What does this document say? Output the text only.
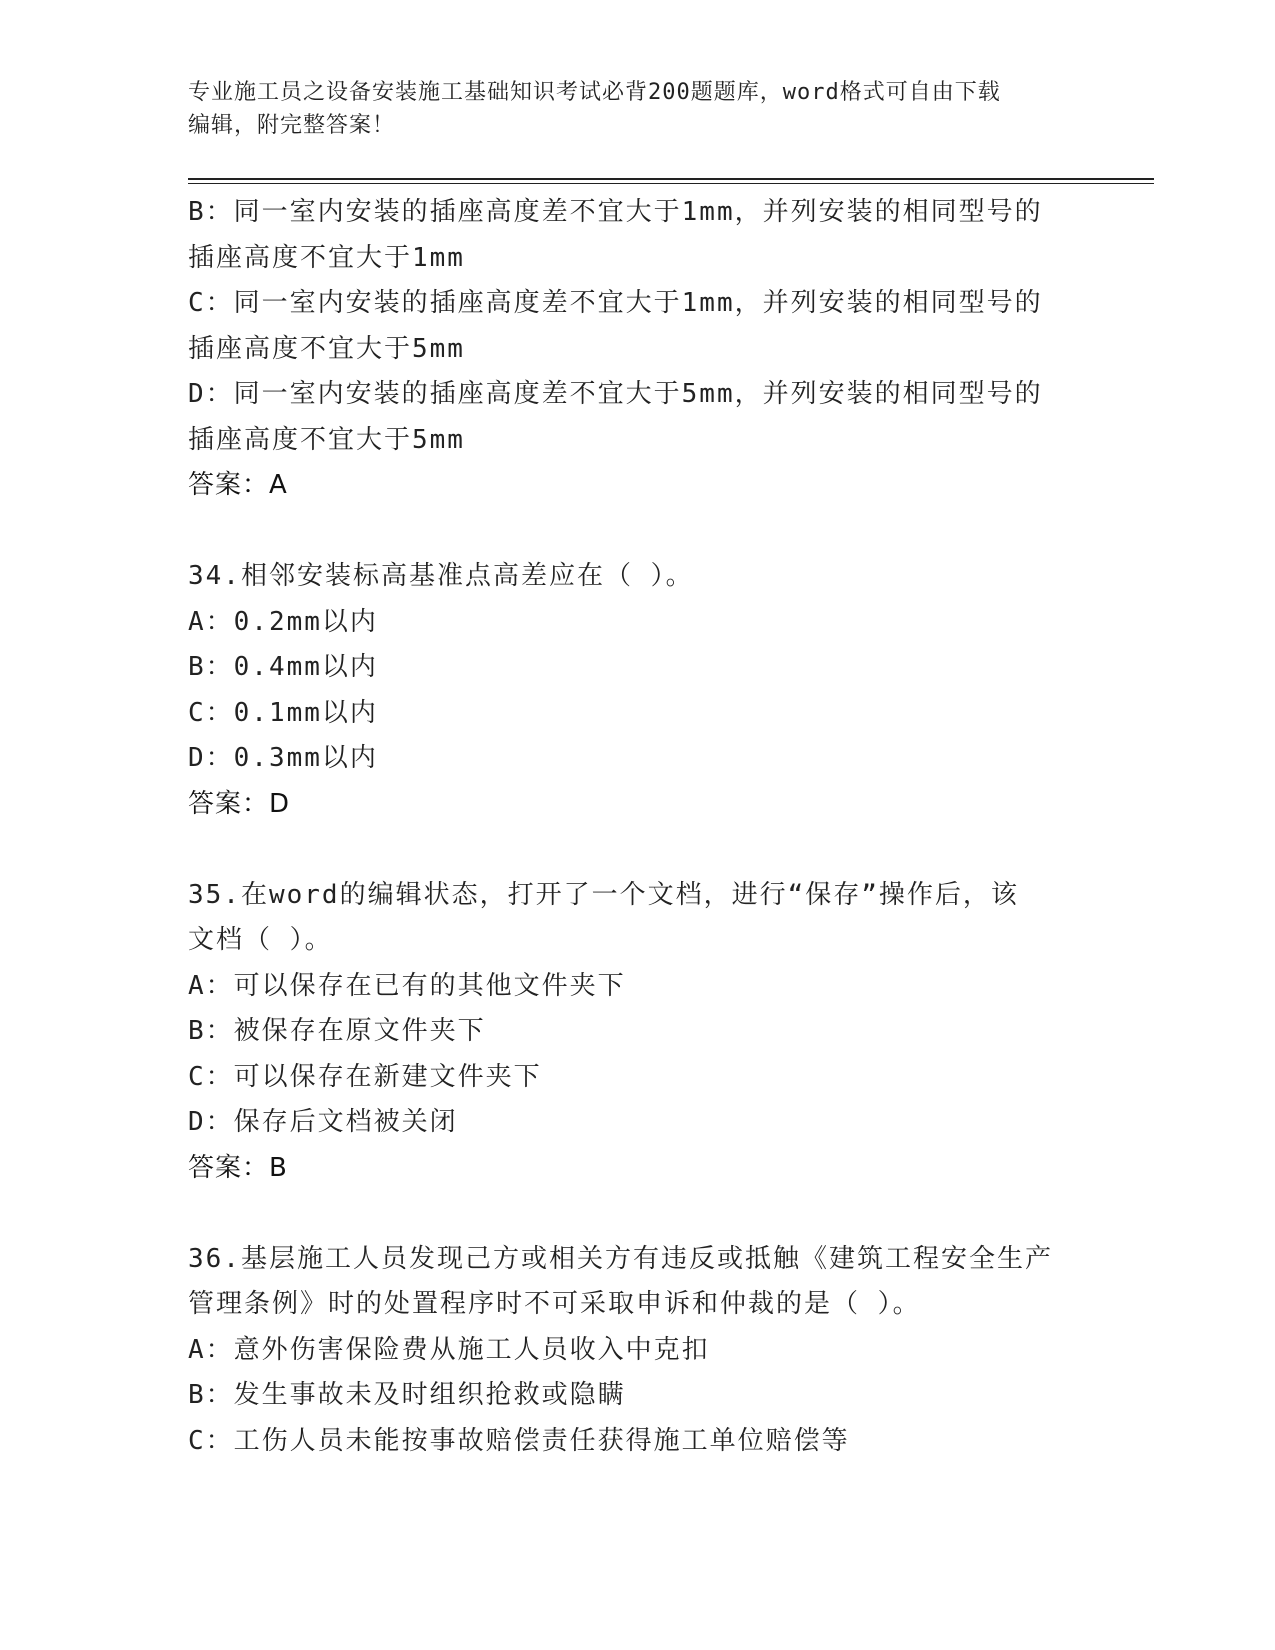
专业施工员之设备安装施工基础知识考试必背200题题库，word格式可自由下载
编辑，附完整答案！
B：同一室内安装的插座高度差不宜大于1mm，并列安装的相同型号的
插座高度不宜大于1mm
C：同一室内安装的插座高度差不宜大于1mm，并列安装的相同型号的
插座高度不宜大于5mm
D：同一室内安装的插座高度差不宜大于5mm，并列安装的相同型号的
插座高度不宜大于5mm
答案：A
34.相邻安装标高基准点高差应在（ ）。
A：0.2mm以内
B：0.4mm以内
C：0.1mm以内
D：0.3mm以内
答案：D
35.在word的编辑状态，打开了一个文档，进行“保存”操作后，该
文档（ ）。
A：可以保存在已有的其他文件夹下
B：被保存在原文件夹下
C：可以保存在新建文件夹下
D：保存后文档被关闭
答案：B
36.基层施工人员发现己方或相关方有违反或抵触《建筑工程安全生产
管理条例》时的处置程序时不可采取申诉和仲裁的是（ ）。
A：意外伤害保险费从施工人员收入中克扣
B：发生事故未及时组织抢救或隐瞒
C：工伤人员未能按事故赔偿责任获得施工单位赔偿等
